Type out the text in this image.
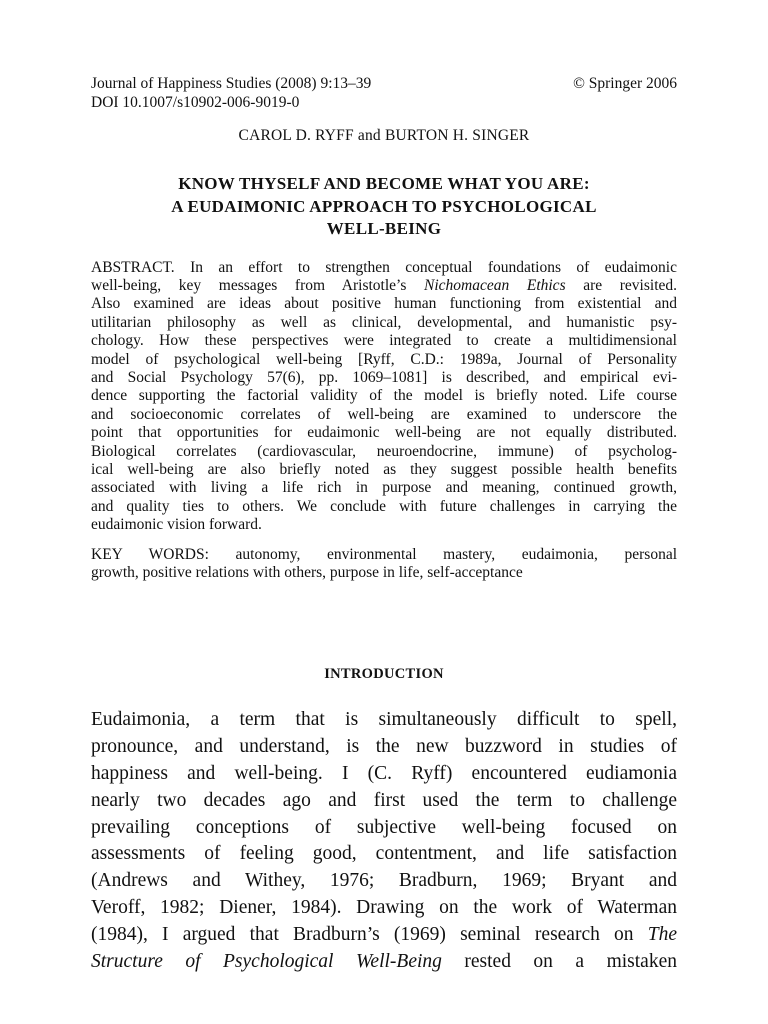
Journal of Happiness Studies (2008) 9:13–39	© Springer 2006
DOI 10.1007/s10902-006-9019-0
CAROL D. RYFF and BURTON H. SINGER
KNOW THYSELF AND BECOME WHAT YOU ARE:
A EUDAIMONIC APPROACH TO PSYCHOLOGICAL
WELL-BEING
ABSTRACT. In an effort to strengthen conceptual foundations of eudaimonic
well-being, key messages from Aristotle’s Nichomacean Ethics are revisited.
Also examined are ideas about positive human functioning from existential and
utilitarian philosophy as well as clinical, developmental, and humanistic psy-
chology. How these perspectives were integrated to create a multidimensional
model of psychological well-being [Ryff, C.D.: 1989a, Journal of Personality
and Social Psychology 57(6), pp. 1069–1081] is described, and empirical evi-
dence supporting the factorial validity of the model is briefly noted. Life course
and socioeconomic correlates of well-being are examined to underscore the
point that opportunities for eudaimonic well-being are not equally distributed.
Biological correlates (cardiovascular, neuroendocrine, immune) of psycholog-
ical well-being are also briefly noted as they suggest possible health benefits
associated with living a life rich in purpose and meaning, continued growth,
and quality ties to others. We conclude with future challenges in carrying the
eudaimonic vision forward.
KEY WORDS: autonomy, environmental mastery, eudaimonia, personal
growth, positive relations with others, purpose in life, self-acceptance
INTRODUCTION
Eudaimonia, a term that is simultaneously difficult to spell,
pronounce, and understand, is the new buzzword in studies of
happiness and well-being. I (C. Ryff) encountered eudiamonia
nearly two decades ago and first used the term to challenge
prevailing conceptions of subjective well-being focused on
assessments of feeling good, contentment, and life satisfaction
(Andrews and Withey, 1976; Bradburn, 1969; Bryant and
Veroff, 1982; Diener, 1984). Drawing on the work of Waterman
(1984), I argued that Bradburn’s (1969) seminal research on The
Structure of Psychological Well-Being rested on a mistaken
